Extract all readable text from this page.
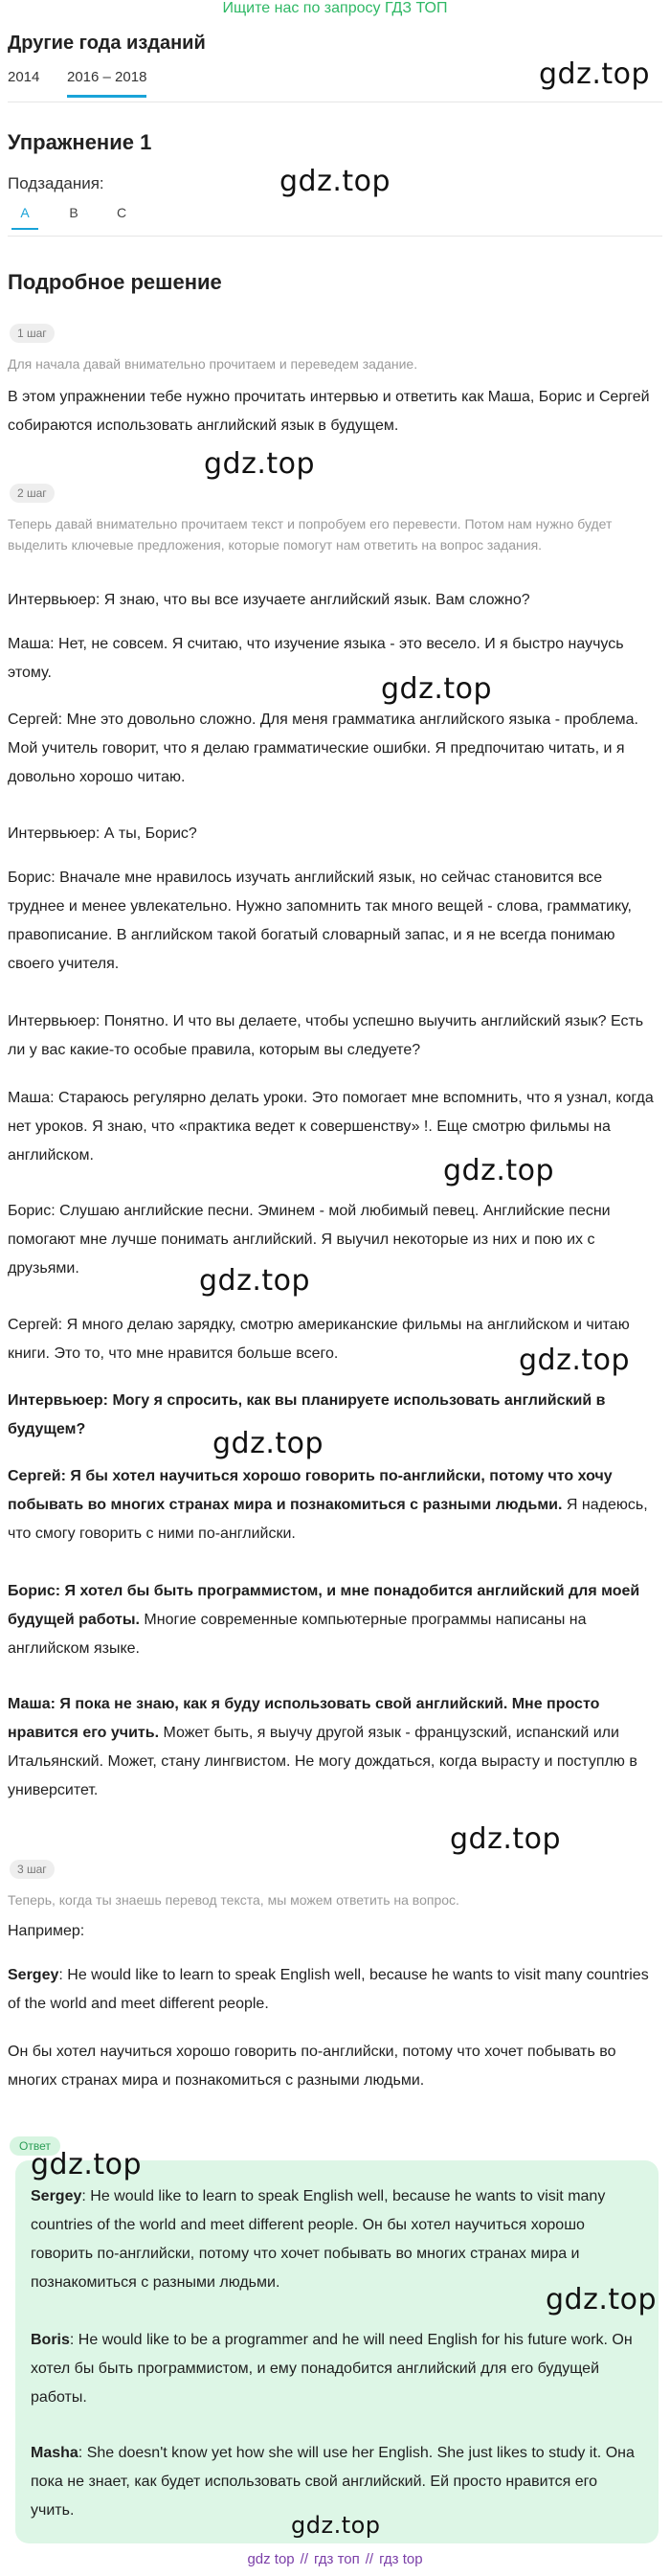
Ищите нас по запросу ГДЗ ТОП
Другие года изданий
2014 2016 – 2018
Упражнение 1
Подзадания:
A	B	C
Подробное решение
1 шаг
Для начала давай внимательно прочитаем и переведем задание.
В этом упражнении тебе нужно прочитать интервью и ответить как Маша, Борис и Сергей собираются использовать английский язык в будущем.
2 шаг
Теперь давай внимательно прочитаем текст и попробуем его перевести. Потом нам нужно будет выделить ключевые предложения, которые помогут нам ответить на вопрос задания.
Интервьюер: Я знаю, что вы все изучаете английский язык. Вам сложно?
Маша: Нет, не совсем. Я считаю, что изучение языка - это весело. И я быстро научусь этому.
Сергей: Мне это довольно сложно. Для меня грамматика английского языка - проблема. Мой учитель говорит, что я делаю грамматические ошибки. Я предпочитаю читать, и я довольно хорошо читаю.
Интервьюер: А ты, Борис?
Борис: Вначале мне нравилось изучать английский язык, но сейчас становится все труднее и менее увлекательно. Нужно запомнить так много вещей - слова, грамматику, правописание. В английском такой богатый словарный запас, и я не всегда понимаю своего учителя.
Интервьюер: Понятно. И что вы делаете, чтобы успешно выучить английский язык? Есть ли у вас какие-то особые правила, которым вы следуете?
Маша: Стараюсь регулярно делать уроки. Это помогает мне вспомнить, что я узнал, когда нет уроков. Я знаю, что «практика ведет к совершенству» !. Еще смотрю фильмы на английском.
Борис: Слушаю английские песни. Эминем - мой любимый певец. Английские песни помогают мне лучше понимать английский. Я выучил некоторые из них и пою их с друзьями.
Сергей: Я много делаю зарядку, смотрю американские фильмы на английском и читаю книги. Это то, что мне нравится больше всего.
Интервьюер: Могу я спросить, как вы планируете использовать английский в будущем?
Сергей: Я бы хотел научиться хорошо говорить по-английски, потому что хочу побывать во многих странах мира и познакомиться с разными людьми. Я надеюсь, что смогу говорить с ними по-английски.
Борис: Я хотел бы быть программистом, и мне понадобится английский для моей будущей работы. Многие современные компьютерные программы написаны на английском языке.
Маша: Я пока не знаю, как я буду использовать свой английский. Мне просто нравится его учить. Может быть, я выучу другой язык - французский, испанский или Итальянский. Может, стану лингвистом. Не могу дождаться, когда вырасту и поступлю в университет.
3 шаг
Теперь, когда ты знаешь перевод текста, мы можем ответить на вопрос.
Например:
Sergey: He would like to learn to speak English well, because he wants to visit many countries of the world and meet different people.
Он бы хотел научиться хорошо говорить по-английски, потому что хочет побывать во многих странах мира и познакомиться с разными людьми.
Ответ
Sergey: He would like to learn to speak English well, because he wants to visit many countries of the world and meet different people. Он бы хотел научиться хорошо говорить по-английски, потому что хочет побывать во многих странах мира и познакомиться с разными людьми.
Boris: He would like to be a programmer and he will need English for his future work. Он хотел бы быть программистом, и ему понадобится английский для его будущей работы.
Masha: She doesn't know yet how she will use her English. She just likes to study it. Она пока не знает, как будет использовать свой английский. Ей просто нравится его учить.
gdz.top
gdz.top
gdz.top
gdz.top
gdz.top
gdz.top
gdz.top
gdz.top
gdz.top
gdz.top
gdz.top
gdz.top
gdz top // гдз топ // гдз top
